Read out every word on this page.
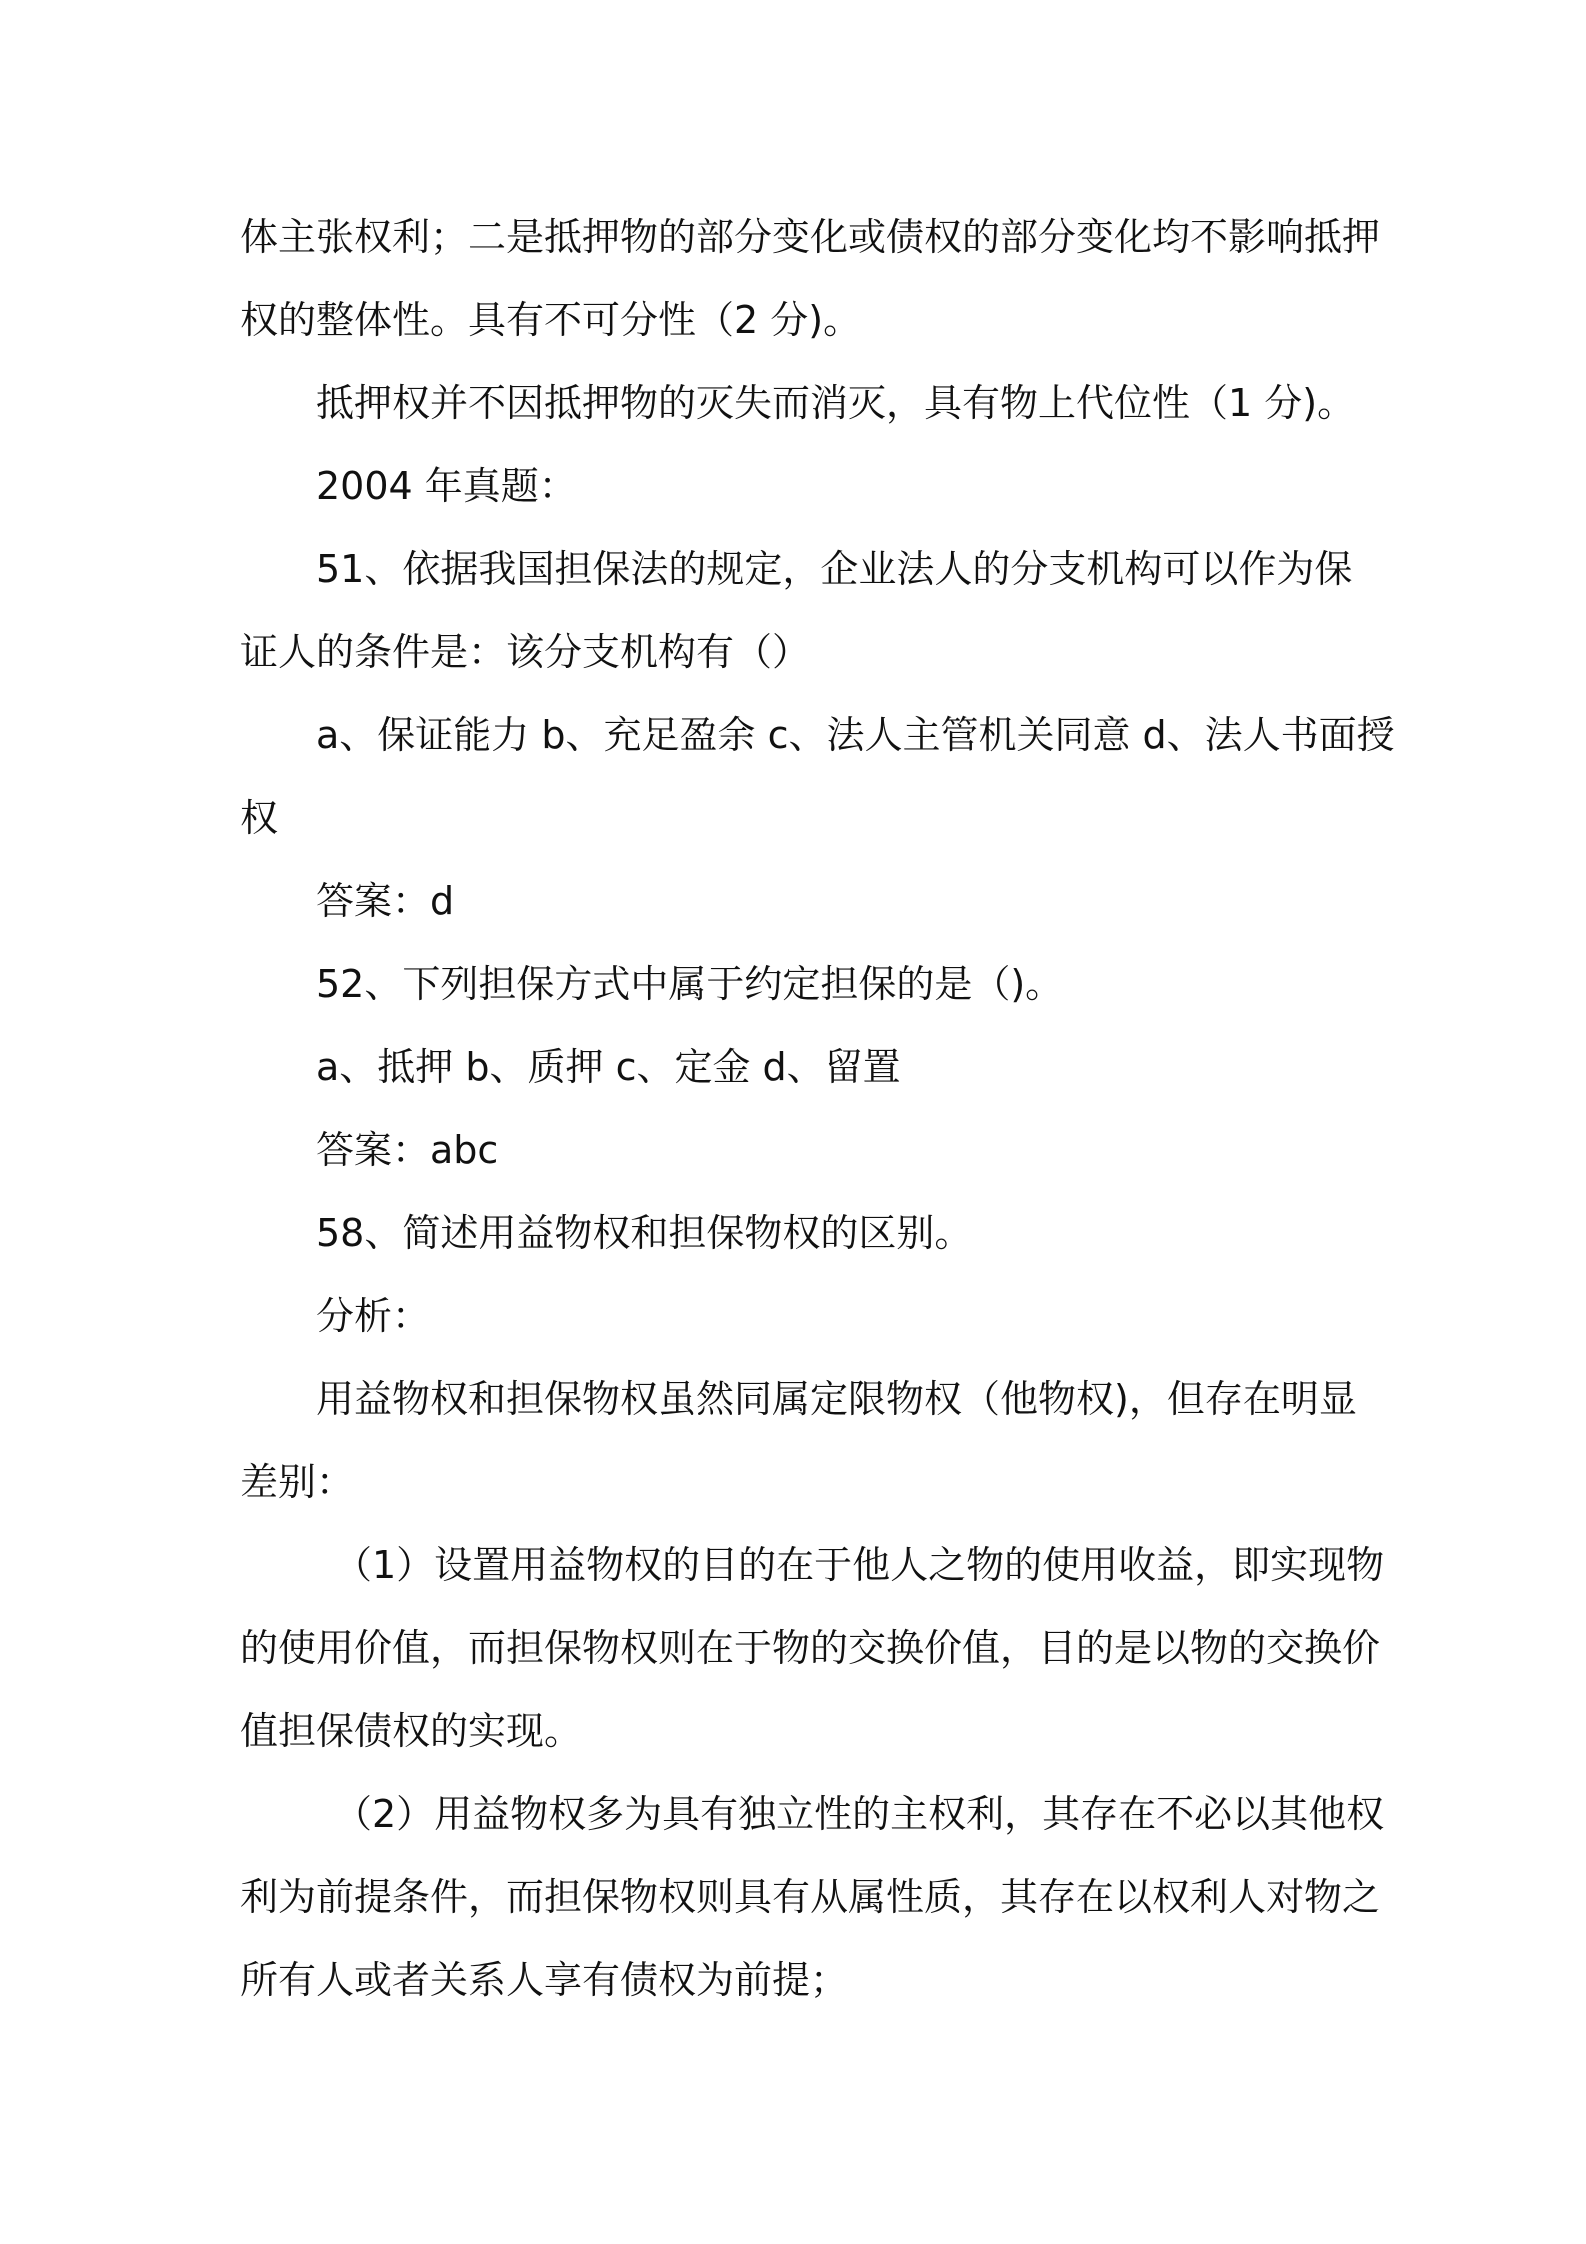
体主张权利；二是抵押物的部分变化或债权的部分变化均不影响抵押

权的整体性。具有不可分性（2 分)。

抵押权并不因抵押物的灭失而消灭，具有物上代位性（1 分)。

2004 年真题：

51、依据我国担保法的规定，企业法人的分支机构可以作为保

证人的条件是：该分支机构有（）

a、保证能力 b、充足盈余 c、法人主管机关同意 d、法人书面授

权

答案：d

52、下列担保方式中属于约定担保的是（)。

a、抵押 b、质押 c、定金 d、留置

答案：abc

58、简述用益物权和担保物权的区别。

分析：

用益物权和担保物权虽然同属定限物权（他物权)，但存在明显

差别：

（1）设置用益物权的目的在于他人之物的使用收益，即实现物

的使用价值，而担保物权则在于物的交换价值，目的是以物的交换价

值担保债权的实现。

（2）用益物权多为具有独立性的主权利，其存在不必以其他权

利为前提条件，而担保物权则具有从属性质，其存在以权利人对物之

所有人或者关系人享有债权为前提；
